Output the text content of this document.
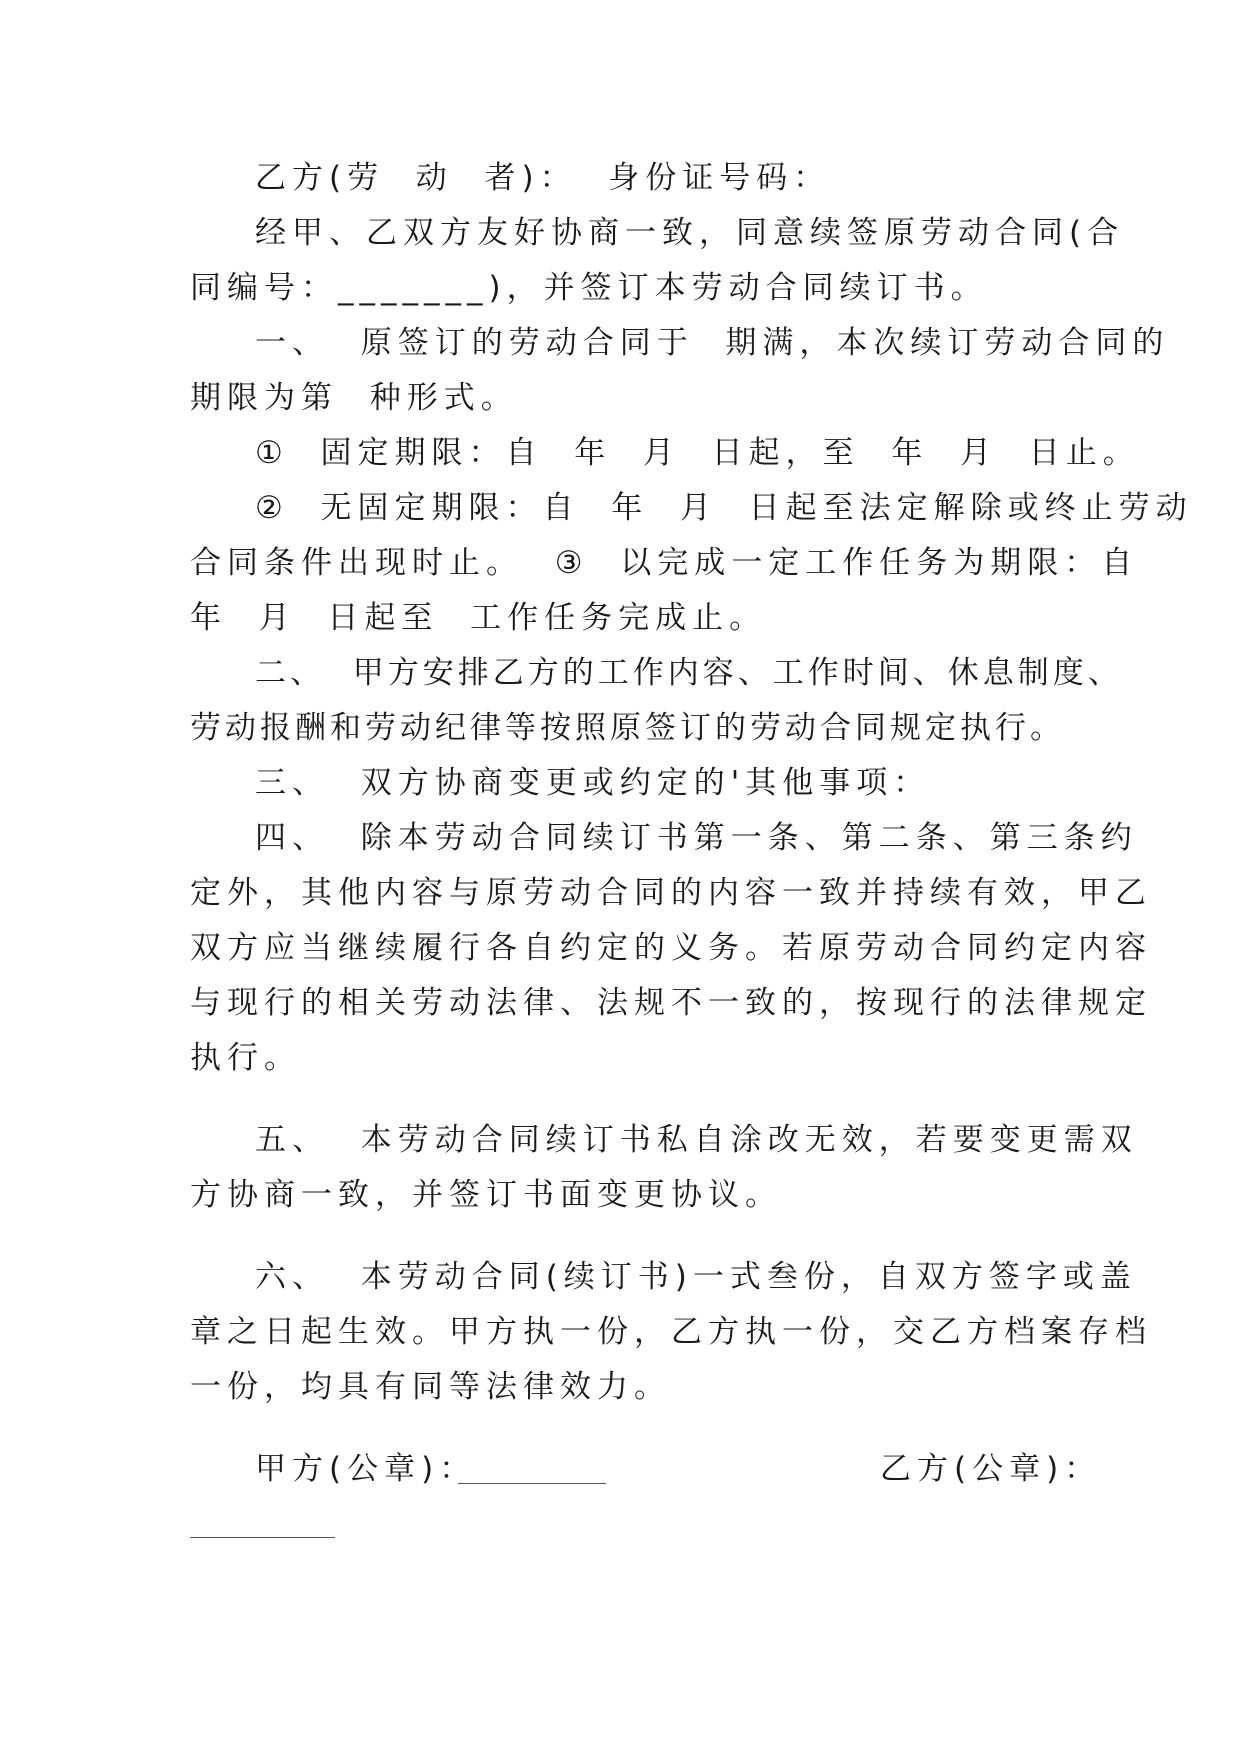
乙方(劳  动  者)：  身份证号码：
经甲、乙双方友好协商一致，同意续签原劳动合同(合
同编号：_______)，并签订本劳动合同续订书。
一、  原签订的劳动合同于  期满，本次续订劳动合同的
期限为第  种形式。
①  固定期限：自  年  月  日起，至  年  月  日止。
②  无固定期限：自  年  月  日起至法定解除或终止劳动
合同条件出现时止。  ③  以完成一定工作任务为期限：自
年  月  日起至  工作任务完成止。
二、  甲方安排乙方的工作内容、工作时间、休息制度、
劳动报酬和劳动纪律等按照原签订的劳动合同规定执行。
三、  双方协商变更或约定的'其他事项：
四、  除本劳动合同续订书第一条、第二条、第三条约
定外，其他内容与原劳动合同的内容一致并持续有效，甲乙
双方应当继续履行各自约定的义务。若原劳动合同约定内容
与现行的相关劳动法律、法规不一致的，按现行的法律规定
执行。
五、  本劳动合同续订书私自涂改无效，若要变更需双
方协商一致，并签订书面变更协议。
六、  本劳动合同(续订书)一式叁份，自双方签字或盖
章之日起生效。甲方执一份，乙方执一份，交乙方档案存档
一份，均具有同等法律效力。
甲方(公章)：	乙方(公章)：
